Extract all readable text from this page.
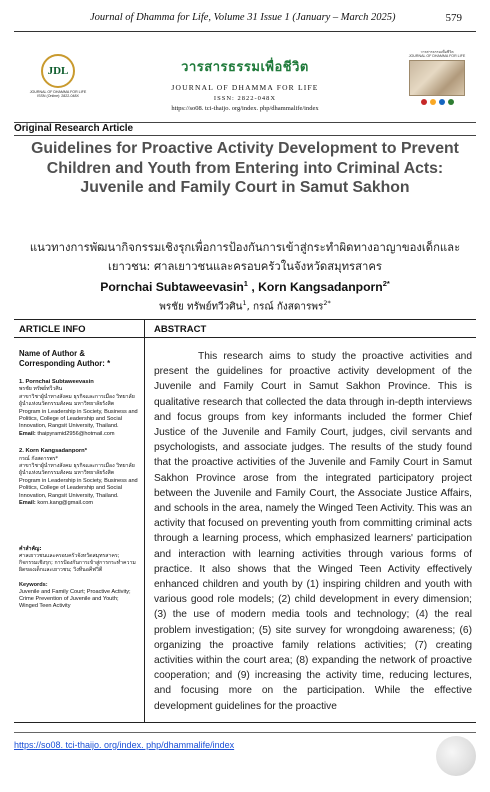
Journal of Dhamma for Life, Volume 31 Issue 1 (January – March 2025)	579
JDL
JOURNAL OF DHAMMA FOR LIFE
ISSN (Online): 2822-048X
วารสารธรรมเพื่อชีวิต
JOURNAL OF DHAMMA FOR LIFE
ISSN: 2822-048X
https://so08. tci-thaijo. org/index. php/dhammalife/index
วารสารธรรมเพื่อชีวิต
JOURNAL OF DHAMMA FOR LIFE
Original Research Article
Guidelines for Proactive Activity Development to Prevent Children and Youth from Entering into Criminal Acts: Juvenile and Family Court in Samut Sakhon
แนวทางการพัฒนากิจกรรมเชิงรุกเพื่อการป้องกันการเข้าสู่กระทำผิดทางอาญาของเด็กและเยาวชน: ศาลเยาวชนและครอบครัวในจังหวัดสมุทรสาคร
Pornchai Subtaweevasin$^1$ , Korn Kangsadanporn$^{2*}$
พรชัย ทรัพย์ทวีวศิน$^1$, กรณ์ กังสดารพร$^{2*}$
ARTICLE INFO
Name of Author & Corresponding Author: *
1. Pornchai Subtaweevasin
พรชัย ทรัพย์ทวีวศิน
สาขาวิชาผู้นำทางสังคม ธุรกิจและการเมือง วิทยาลัยผู้นำแห่งนวัตกรรมสังคม มหาวิทยาลัยรังสิต
Program in Leadership in Society, Business and Politics, College of Leadership and Social Innovation, Rangsit University, Thailand.
Email: thaipyramid2956@hotmail.com
2. Korn Kangsadanporn*
กรณ์ กังสดารพร*
สาขาวิชาผู้นำทางสังคม ธุรกิจและการเมือง วิทยาลัยผู้นำแห่งนวัตกรรมสังคม มหาวิทยาลัยรังสิต
Program in Leadership in Society, Business and Politics, College of Leadership and Social Innovation, Rangsit University, Thailand.
Email: korn.kang@gmail.com
คำสำคัญ:
ศาลเยาวชนและครอบครัวจังหวัดสมุทรสาคร; กิจกรรมเชิงรุก; การป้องกันการเข้าสู่การกระทำความผิดของเด็กและเยาวชน; วิงทีนอคีฟวิตี
Keywords:
Juvenile and Family Court; Proactive Activity; Crime Prevention of Juvenile and Youth; Winged Teen Activity
ABSTRACT

This research aims to study the proactive activities and present the guidelines for proactive activity development of the Juvenile and Family Court in Samut Sakhon Province. This is qualitative research that collected the data through in-depth interviews and focus groups from key informants included the former Chief Justice of the Juvenile and Family Court, judges, civil servants and psychologists, and associate judges. The results of the study found that the proactive activities of the Juvenile and Family Court in Samut Sakhon Province arose from the integrated participatory project between the Juvenile and Family Court, the Associate Justice Affairs, and schools in the area, namely the Winged Teen Activity. This was an activity that focused on preventing youth from committing criminal acts through a learning process, which emphasized learners' participation and interaction with learning activities through various forms of practice. It also shows that the Winged Teen Activity effectively enhanced children and youth by (1) inspiring children and youth with various good role models; (2) child development in every dimension; (3) the use of modern media tools and technology; (4) the real problem investigation; (5) site survey for wrongdoing awareness; (6) organizing the proactive family relations activities; (7) creating activities within the court area; (8) expanding the network of proactive cooperation; and (9) increasing the activity time, reducing lectures, and focusing more on the participation. While the effective development guidelines for the proactive

https://so08. tci-thaijo. org/index. php/dhammalife/index
